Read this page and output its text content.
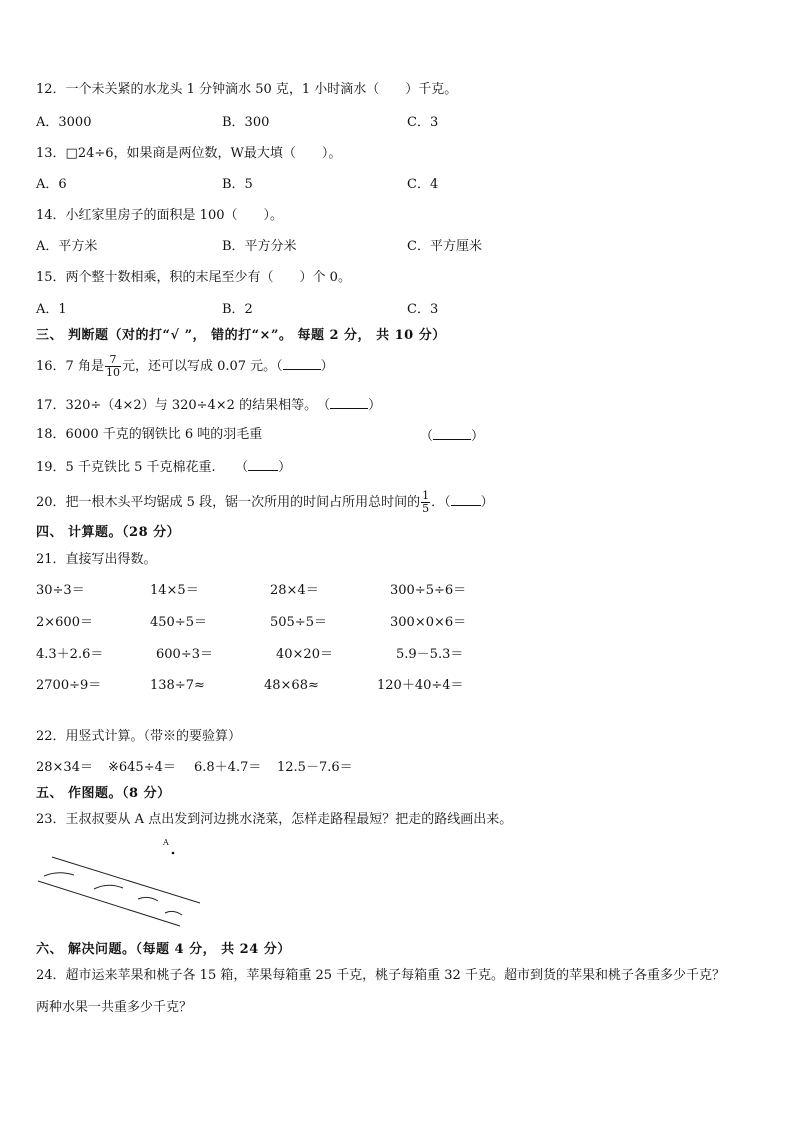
12．一个未关紧的水龙头 1 分钟滴水 50 克，1 小时滴水（　　）千克。
A．3000	B．300	C．3
13．□24÷6，如果商是两位数，W最大填（　　）。
A．6	B．5	C．4
14．小红家里房子的面积是 100（　　）。
A．平方米	B．平方分米	C．平方厘米
15．两个整十数相乘，积的末尾至少有（　　）个 0。
A．1	B．2	C．3
三、 判断题（对的打“√ ”， 错的打“×”。 每题 2 分， 共 10 分）
16．7 角是 $\frac{7}{10}$ 元，还可以写成 0.07 元。（	）
17．320÷（4×2）与 320÷4×2 的结果相等。　（	）
18．6000 千克的钢铁比 6 吨的羽毛重	（	）
19．5 千克铁比 5 千克棉花重.　　（ ）
20．把一根木头平均锯成 5 段，锯一次所用的时间占所用总时间的 $\frac{1}{5}$ ．（ ）
四、 计算题。（28 分）
21．直接写出得数。
30÷3＝	14×5＝	28×4＝	300÷5÷6＝
2×600＝	450÷5＝	505÷5＝	300×0×6＝
4.3＋2.6＝	600÷3＝	40×20＝	5.9－5.3＝
2700÷9＝	138÷7≈	48×68≈	120＋40÷4＝
22．用竖式计算。（带※的要验算）
28×34＝ ※645÷4＝ 6.8＋4.7＝ 12.5－7.6＝
五、 作图题。（8 分）
23．王叔叔要从 A 点出发到河边挑水浇菜，怎样走路程最短？把走的路线画出来。
A
六、 解决问题。（每题 4 分， 共 24 分）
24．超市运来苹果和桃子各 15 箱，苹果每箱重 25 千克，桃子每箱重 32 千克。超市到货的苹果和桃子各重多少千克？
两种水果一共重多少千克？
